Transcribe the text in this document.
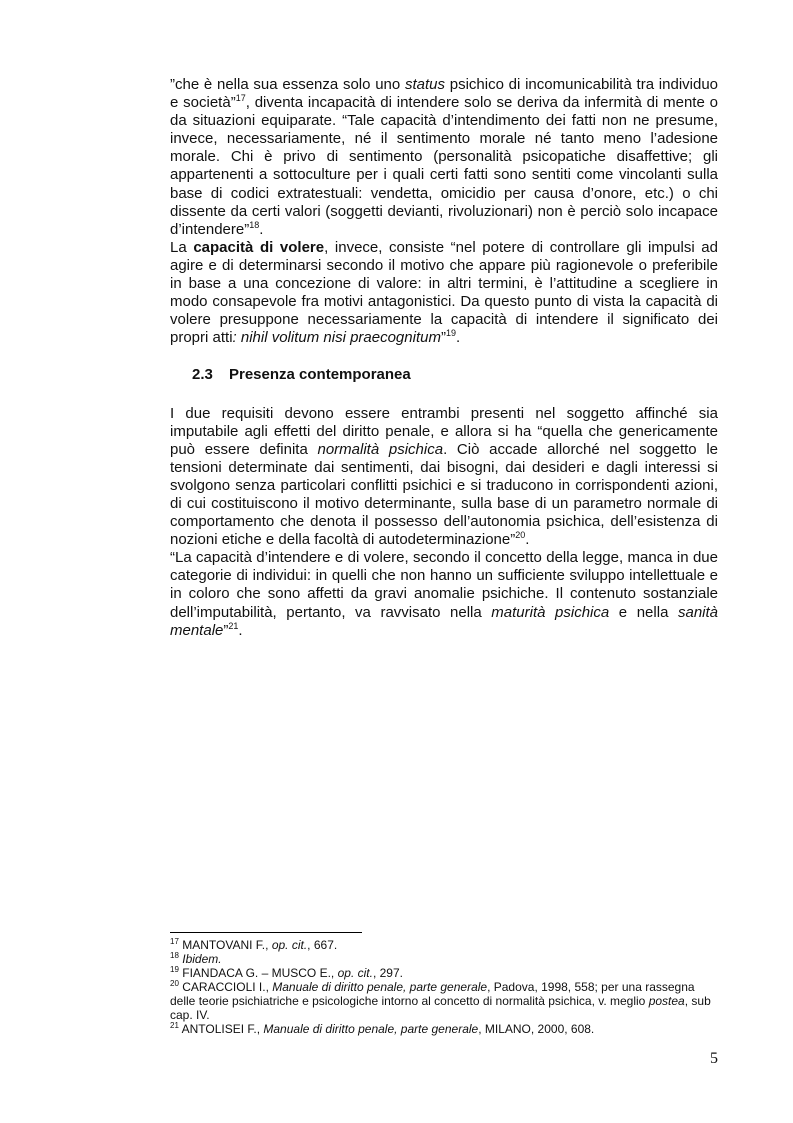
”che è nella sua essenza solo uno status psichico di incomunicabilità tra individuo e società”$^{17}$, diventa incapacità di intendere solo se deriva da infermità di mente o da situazioni equiparate. “Tale capacità d’intendimento dei fatti non ne presume, invece, necessariamente, né il sentimento morale né tanto meno l’adesione morale. Chi è privo di sentimento (personalità psicopatiche disaffettive; gli appartenenti a sottoculture per i quali certi fatti sono sentiti come vincolanti sulla base di codici extratestuali: vendetta, omicidio per causa d’onore, etc.) o chi dissente da certi valori (soggetti devianti, rivoluzionari) non è perciò solo incapace d’intendere”$^{18}$.

La capacità di volere, invece, consiste “nel potere di controllare gli impulsi ad agire e di determinarsi secondo il motivo che appare più ragionevole o preferibile in base a una concezione di valore: in altri termini, è l’attitudine a scegliere in modo consapevole fra motivi antagonistici. Da questo punto di vista la capacità di volere presuppone necessariamente la capacità di intendere il significato dei propri atti: nihil volitum nisi praecognitum”$^{19}$.

2.3 Presenza contemporanea

I due requisiti devono essere entrambi presenti nel soggetto affinché sia imputabile agli effetti del diritto penale, e allora si ha “quella che genericamente può essere definita normalità psichica. Ciò accade allorché nel soggetto le tensioni determinate dai sentimenti, dai bisogni, dai desideri e dagli interessi si svolgono senza particolari conflitti psichici e si traducono in corrispondenti azioni, di cui costituiscono il motivo determinante, sulla base di un parametro normale di comportamento che denota il possesso dell’autonomia psichica, dell’esistenza di nozioni etiche e della facoltà di autodeterminazione”$^{20}$.

“La capacità d’intendere e di volere, secondo il concetto della legge, manca in due categorie di individui: in quelli che non hanno un sufficiente sviluppo intellettuale e in coloro che sono affetti da gravi anomalie psichiche. Il contenuto sostanziale dell’imputabilità, pertanto, va ravvisato nella maturità psichica e nella sanità mentale”$^{21}$.

$^{17}$ MANTOVANI F., op. cit., 667.

$^{18}$ Ibidem.

$^{19}$ FIANDACA G. – MUSCO E., op. cit., 297.

$^{20}$ CARACCIOLI I., Manuale di diritto penale, parte generale, Padova, 1998, 558; per una rassegna delle teorie psichiatriche e psicologiche intorno al concetto di normalità psichica, v. meglio postea, sub cap. IV.

$^{21}$ ANTOLISEI F., Manuale di diritto penale, parte generale, MILANO, 2000, 608.

5
